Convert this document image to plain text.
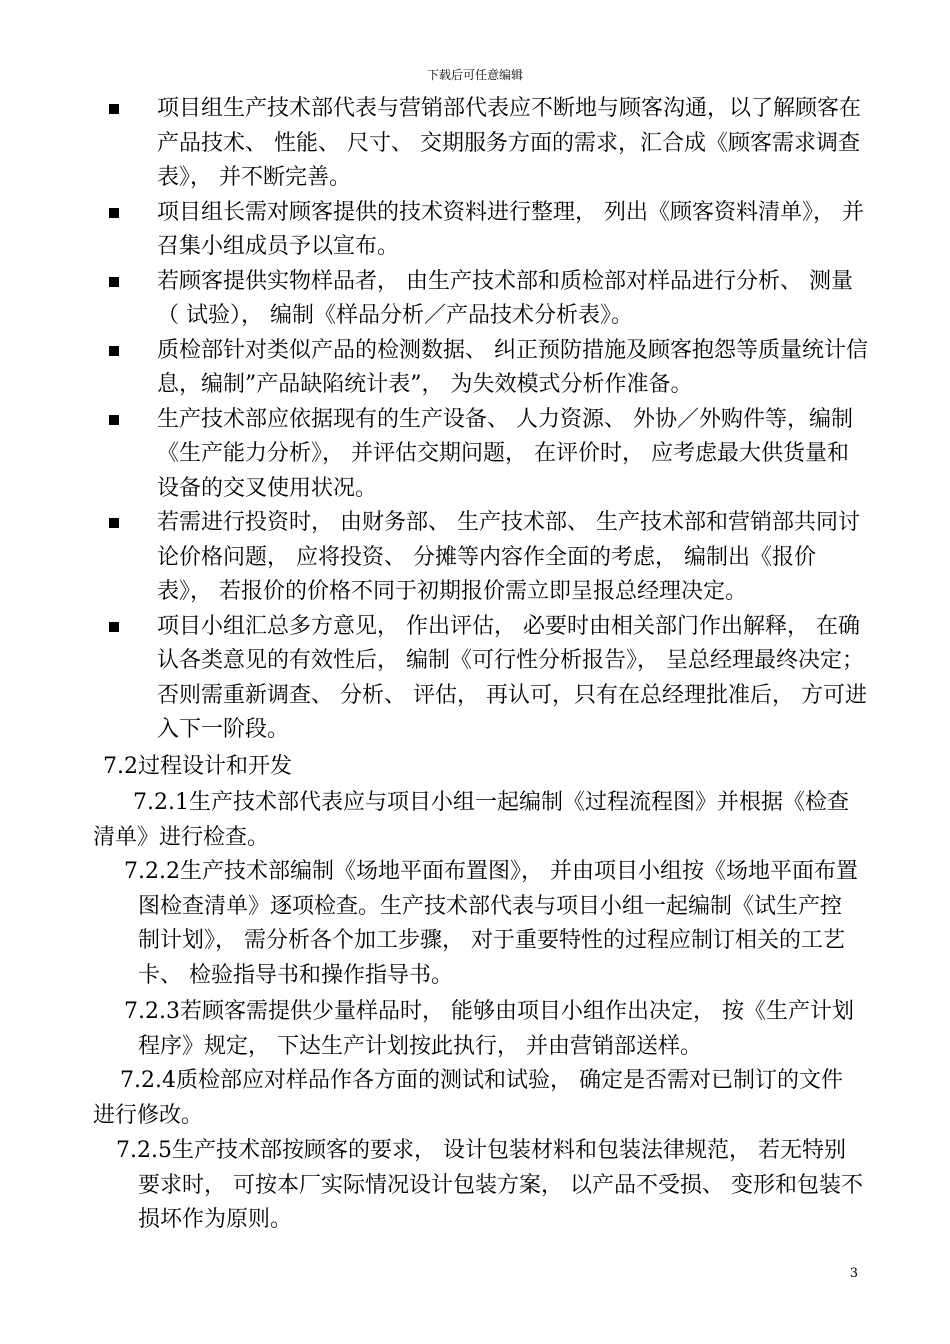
下载后可任意编辑
项目组生产技术部代表与营销部代表应不断地与顾客沟通，以了解顾客在产品技术、 性能、 尺寸、 交期服务方面的需求，汇合成《顾客需求调查表》， 并不断完善。
项目组长需对顾客提供的技术资料进行整理， 列出《顾客资料清单》， 并召集小组成员予以宣布。
若顾客提供实物样品者， 由生产技术部和质检部对样品进行分析、 测量（ 试验）， 编制《样品分析／产品技术分析表》。
质检部针对类似产品的检测数据、 纠正预防措施及顾客抱怨等质量统计信息，编制”产品缺陷统计表”， 为失效模式分析作准备。
生产技术部应依据现有的生产设备、 人力资源、 外协／外购件等，编制《生产能力分析》， 并评估交期问题， 在评价时， 应考虑最大供货量和设备的交叉使用状况。
若需进行投资时， 由财务部、 生产技术部、 生产技术部和营销部共同讨论价格问题， 应将投资、 分摊等内容作全面的考虑， 编制出《报价表》， 若报价的价格不同于初期报价需立即呈报总经理决定。
项目小组汇总多方意见， 作出评估， 必要时由相关部门作出解释， 在确认各类意见的有效性后， 编制《可行性分析报告》， 呈总经理最终决定；否则需重新调查、 分析、 评估， 再认可，只有在总经理批准后， 方可进入下一阶段。
7.2过程设计和开发
7.2.1生产技术部代表应与项目小组一起编制《过程流程图》并根据《检查清单》进行检查。
7.2.2生产技术部编制《场地平面布置图》， 并由项目小组按《场地平面布置图检查清单》逐项检查。生产技术部代表与项目小组一起编制《试生产控制计划》， 需分析各个加工步骤， 对于重要特性的过程应制订相关的工艺卡、 检验指导书和操作指导书。
7.2.3若顾客需提供少量样品时， 能够由项目小组作出决定， 按《生产计划程序》规定， 下达生产计划按此执行， 并由营销部送样。
7.2.4质检部应对样品作各方面的测试和试验， 确定是否需对已制订的文件进行修改。
7.2.5生产技术部按顾客的要求， 设计包装材料和包装法律规范， 若无特别要求时， 可按本厂实际情况设计包装方案， 以产品不受损、 变形和包装不损坏作为原则。
3
